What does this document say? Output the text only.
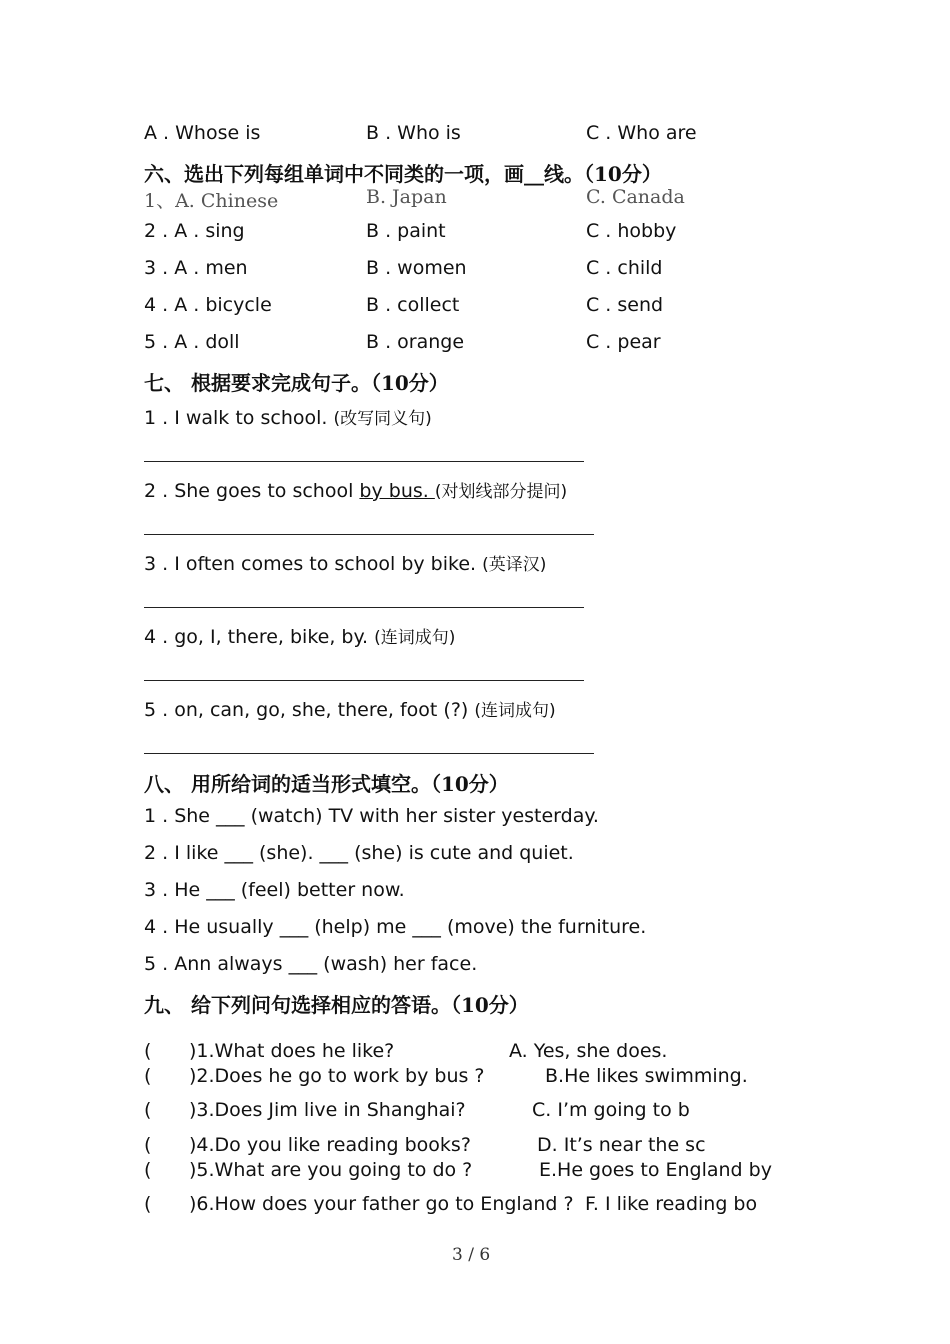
A . Whose is	B . Who is	C . Who are
六、选出下列每组单词中不同类的一项，画__线。（10分）
1、A. Chinese	B. Japan	C. Canada
2 . A . sing	B . paint	C . hobby
3 . A . men	B . women	C . child
4 . A . bicycle	B . collect	C . send
5 . A . doll	B . orange	C . pear
七、 根据要求完成句子。（10分）
1 . I walk to school. (改写同义句)
2 . She goes to school by bus. (对划线部分提问)
3 . I often comes to school by bike. (英译汉)
4 . go, I, there, bike, by. (连词成句)
5 . on, can, go, she, there, foot (?) (连词成句)
八、 用所给词的适当形式填空。（10分）
1 . She ___ (watch) TV with her sister yesterday.
2 . I like ___ (she). ___ (she) is cute and quiet.
3 . He ___ (feel) better now.
4 . He usually ___ (help) me ___ (move) the furniture.
5 . Ann always ___ (wash) her face.
九、 给下列问句选择相应的答语。（10分）
( )1.What does he like?	A. Yes, she does.
( )2.Does he go to work by bus ?	B.He likes swimming.
( )3.Does Jim live in Shanghai?	C. I’m going to b
( )4.Do you like reading books?	D. It’s near the sc
( )5.What are you going to do ?	E.He goes to England by
( )6.How does your father go to England ? F. I like reading bo
3 / 6
